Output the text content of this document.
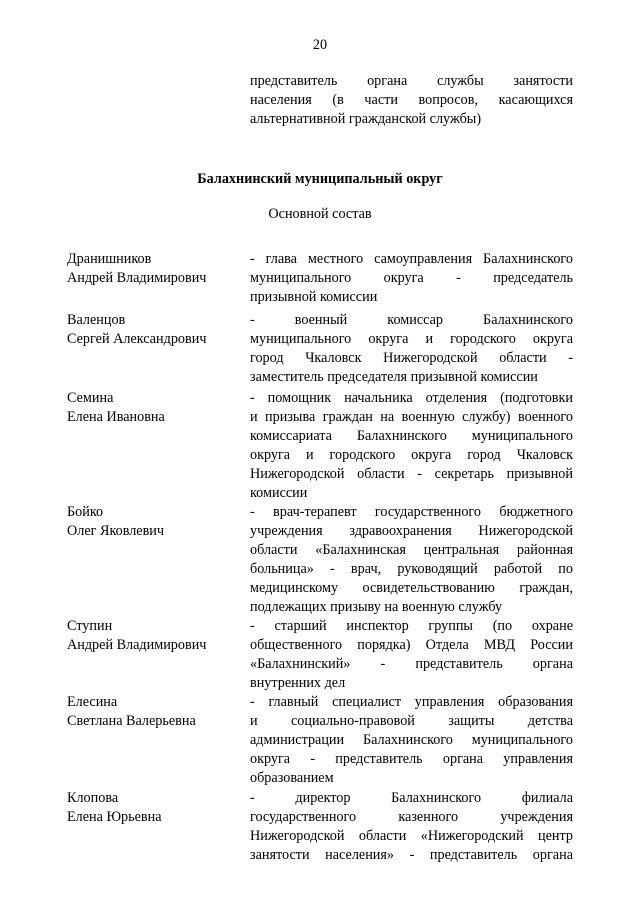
20
представитель органа службы занятости
населения (в части вопросов, касающихся
альтернативной гражданской службы)
Балахнинский муниципальный округ
Основной состав
Дранишников
Андрей Владимирович
- глава местного самоуправления Балахнинского
муниципального округа - председатель
призывной комиссии
Валенцов
Сергей Александрович
- военный комиссар Балахнинского
муниципального округа и городского округа
город Чкаловск Нижегородской области -
заместитель председателя призывной комиссии
Семина
Елена Ивановна
- помощник начальника отделения (подготовки
и призыва граждан на военную службу) военного
комиссариата Балахнинского муниципального
округа и городского округа город Чкаловск
Нижегородской области - секретарь призывной
комиссии
Бойко
Олег Яковлевич
- врач-терапевт государственного бюджетного
учреждения здравоохранения Нижегородской
области «Балахнинская центральная районная
больница» - врач, руководящий работой по
медицинскому освидетельствованию граждан,
подлежащих призыву на военную службу
Ступин
Андрей Владимирович
- старший инспектор группы (по охране
общественного порядка) Отдела МВД России
«Балахнинский» - представитель органа
внутренних дел
Елесина
Светлана Валерьевна
- главный специалист управления образования
и социально-правовой защиты детства
администрации Балахнинского муниципального
округа - представитель органа управления
образованием
Клопова
Елена Юрьевна
- директор Балахнинского филиала
государственного казенного учреждения
Нижегородской области «Нижегородский центр
занятости населения» - представитель органа
